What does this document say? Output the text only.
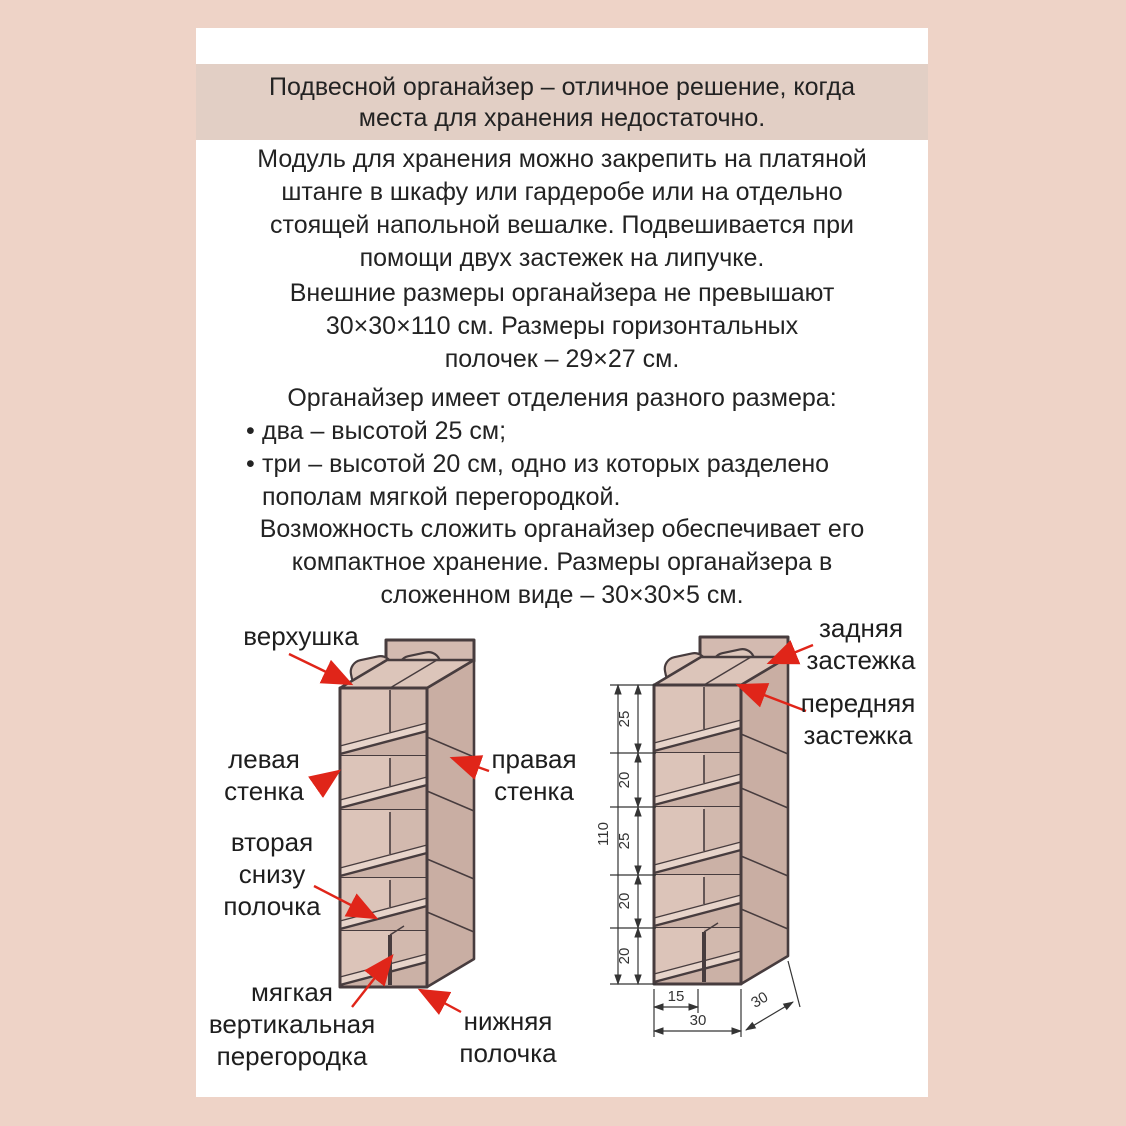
Подвесной органайзер – отличное решение, когда
места для хранения недостаточно.
Модуль для хранения можно закрепить на платяной
штанге в шкафу или гардеробе или на отдельно
стоящей напольной вешалке. Подвешивается при
помощи двух застежек на липучке.
Внешние размеры органайзера не превышают
30×30×110 см. Размеры горизонтальных
полочек – 29×27 см.
Органайзер имеет отделения разного размера:
• два – высотой 25 см;
• три – высотой 20 см, одно из которых разделено
пополам мягкой перегородкой.
Возможность сложить органайзер обеспечивает его
компактное хранение. Размеры органайзера в
сложенном виде – 30×30×5 см.
верхушка
левая
стенка
правая
стенка
вторая
снизу
полочка
мягкая
вертикальная
перегородка
нижняя
полочка
задняя
застежка
передняя
застежка
110
25
20
25
20
20
15
30
30
